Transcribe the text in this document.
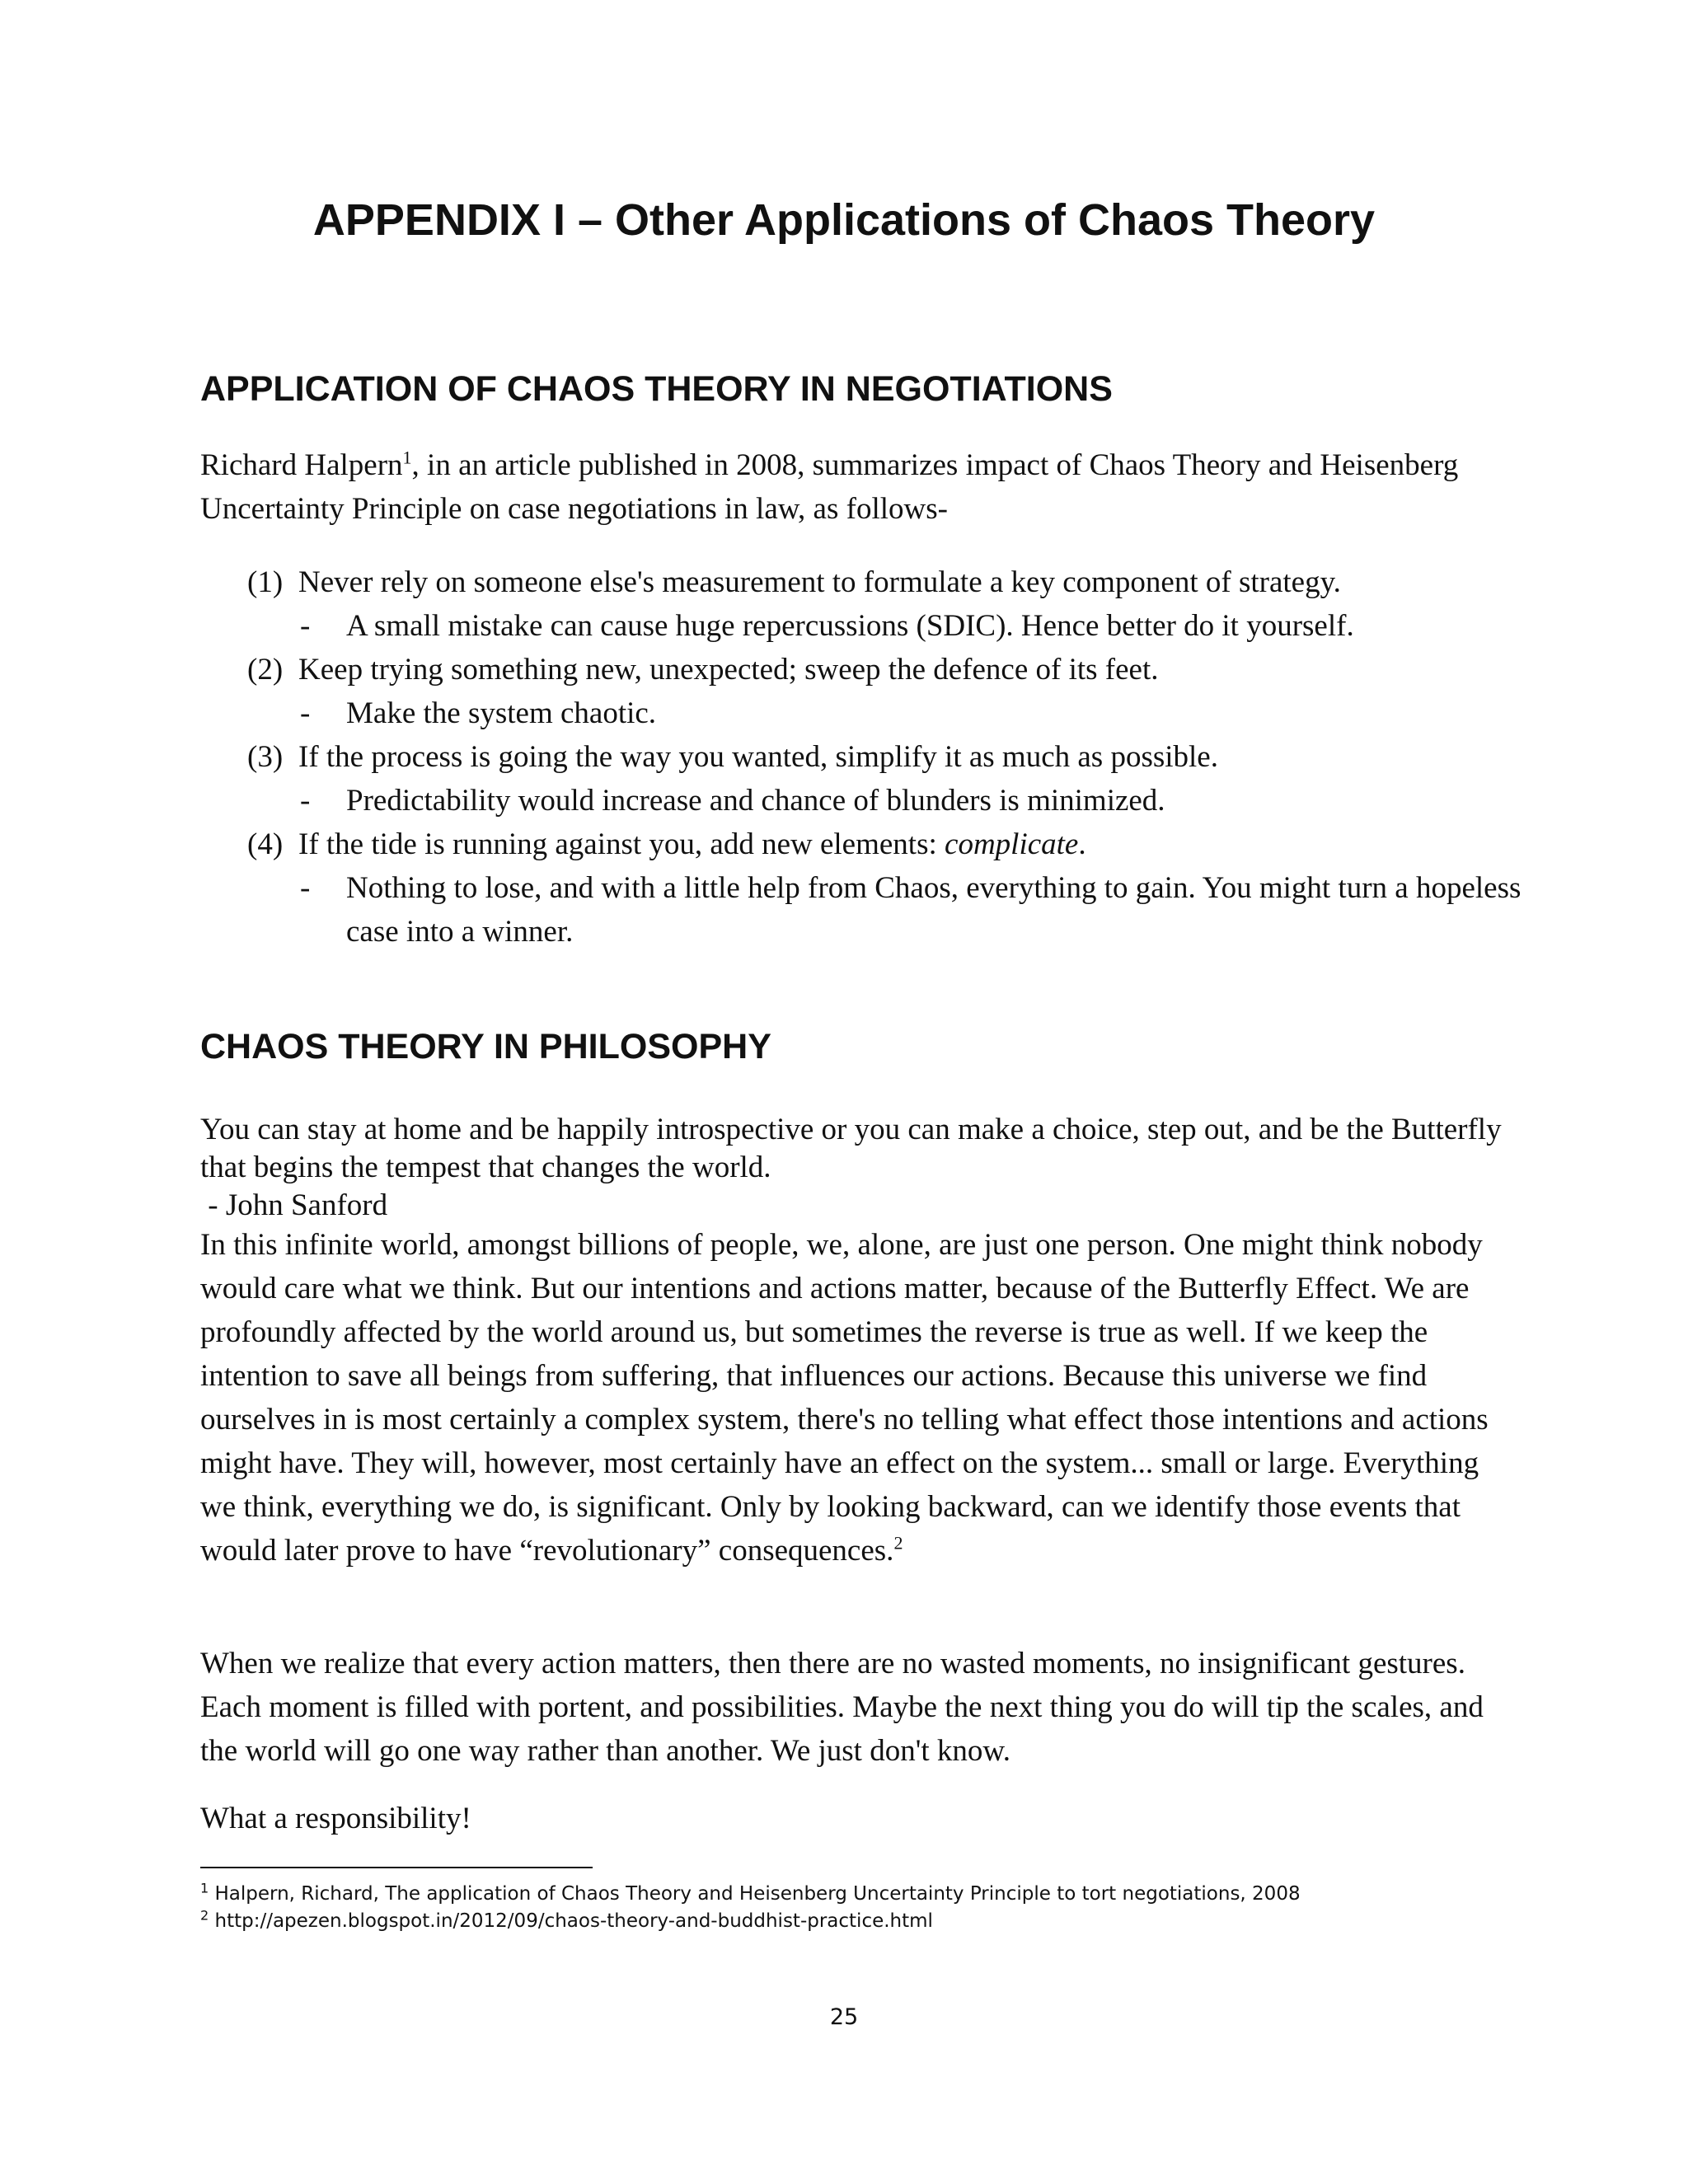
APPENDIX I – Other Applications of Chaos Theory
APPLICATION OF CHAOS THEORY IN NEGOTIATIONS

Richard Halpern$^1$, in an article published in 2008, summarizes impact of Chaos Theory and Heisenberg Uncertainty Principle on case negotiations in law, as follows-

(1) Never rely on someone else's measurement to formulate a key component of strategy.
- A small mistake can cause huge repercussions (SDIC). Hence better do it yourself.
(2) Keep trying something new, unexpected; sweep the defence of its feet.
- Make the system chaotic.
(3) If the process is going the way you wanted, simplify it as much as possible.
- Predictability would increase and chance of blunders is minimized.
(4) If the tide is running against you, add new elements: complicate.
- Nothing to lose, and with a little help from Chaos, everything to gain. You might turn a hopeless case into a winner.
CHAOS THEORY IN PHILOSOPHY
You can stay at home and be happily introspective or you can make a choice, step out, and be the Butterfly that begins the tempest that changes the world.
- John Sanford

In this infinite world, amongst billions of people, we, alone, are just one person. One might think nobody would care what we think. But our intentions and actions matter, because of the Butterfly Effect. We are profoundly affected by the world around us, but sometimes the reverse is true as well. If we keep the intention to save all beings from suffering, that influences our actions. Because this universe we find ourselves in is most certainly a complex system, there's no telling what effect those intentions and actions might have. They will, however, most certainly have an effect on the system... small or large. Everything we think, everything we do, is significant. Only by looking backward, can we identify those events that would later prove to have “revolutionary” consequences.$^2$

When we realize that every action matters, then there are no wasted moments, no insignificant gestures. Each moment is filled with portent, and possibilities. Maybe the next thing you do will tip the scales, and the world will go one way rather than another. We just don't know.

What a responsibility!

$^1$ Halpern, Richard, The application of Chaos Theory and Heisenberg Uncertainty Principle to tort negotiations, 2008
$^2$ http://apezen.blogspot.in/2012/09/chaos-theory-and-buddhist-practice.html
25
